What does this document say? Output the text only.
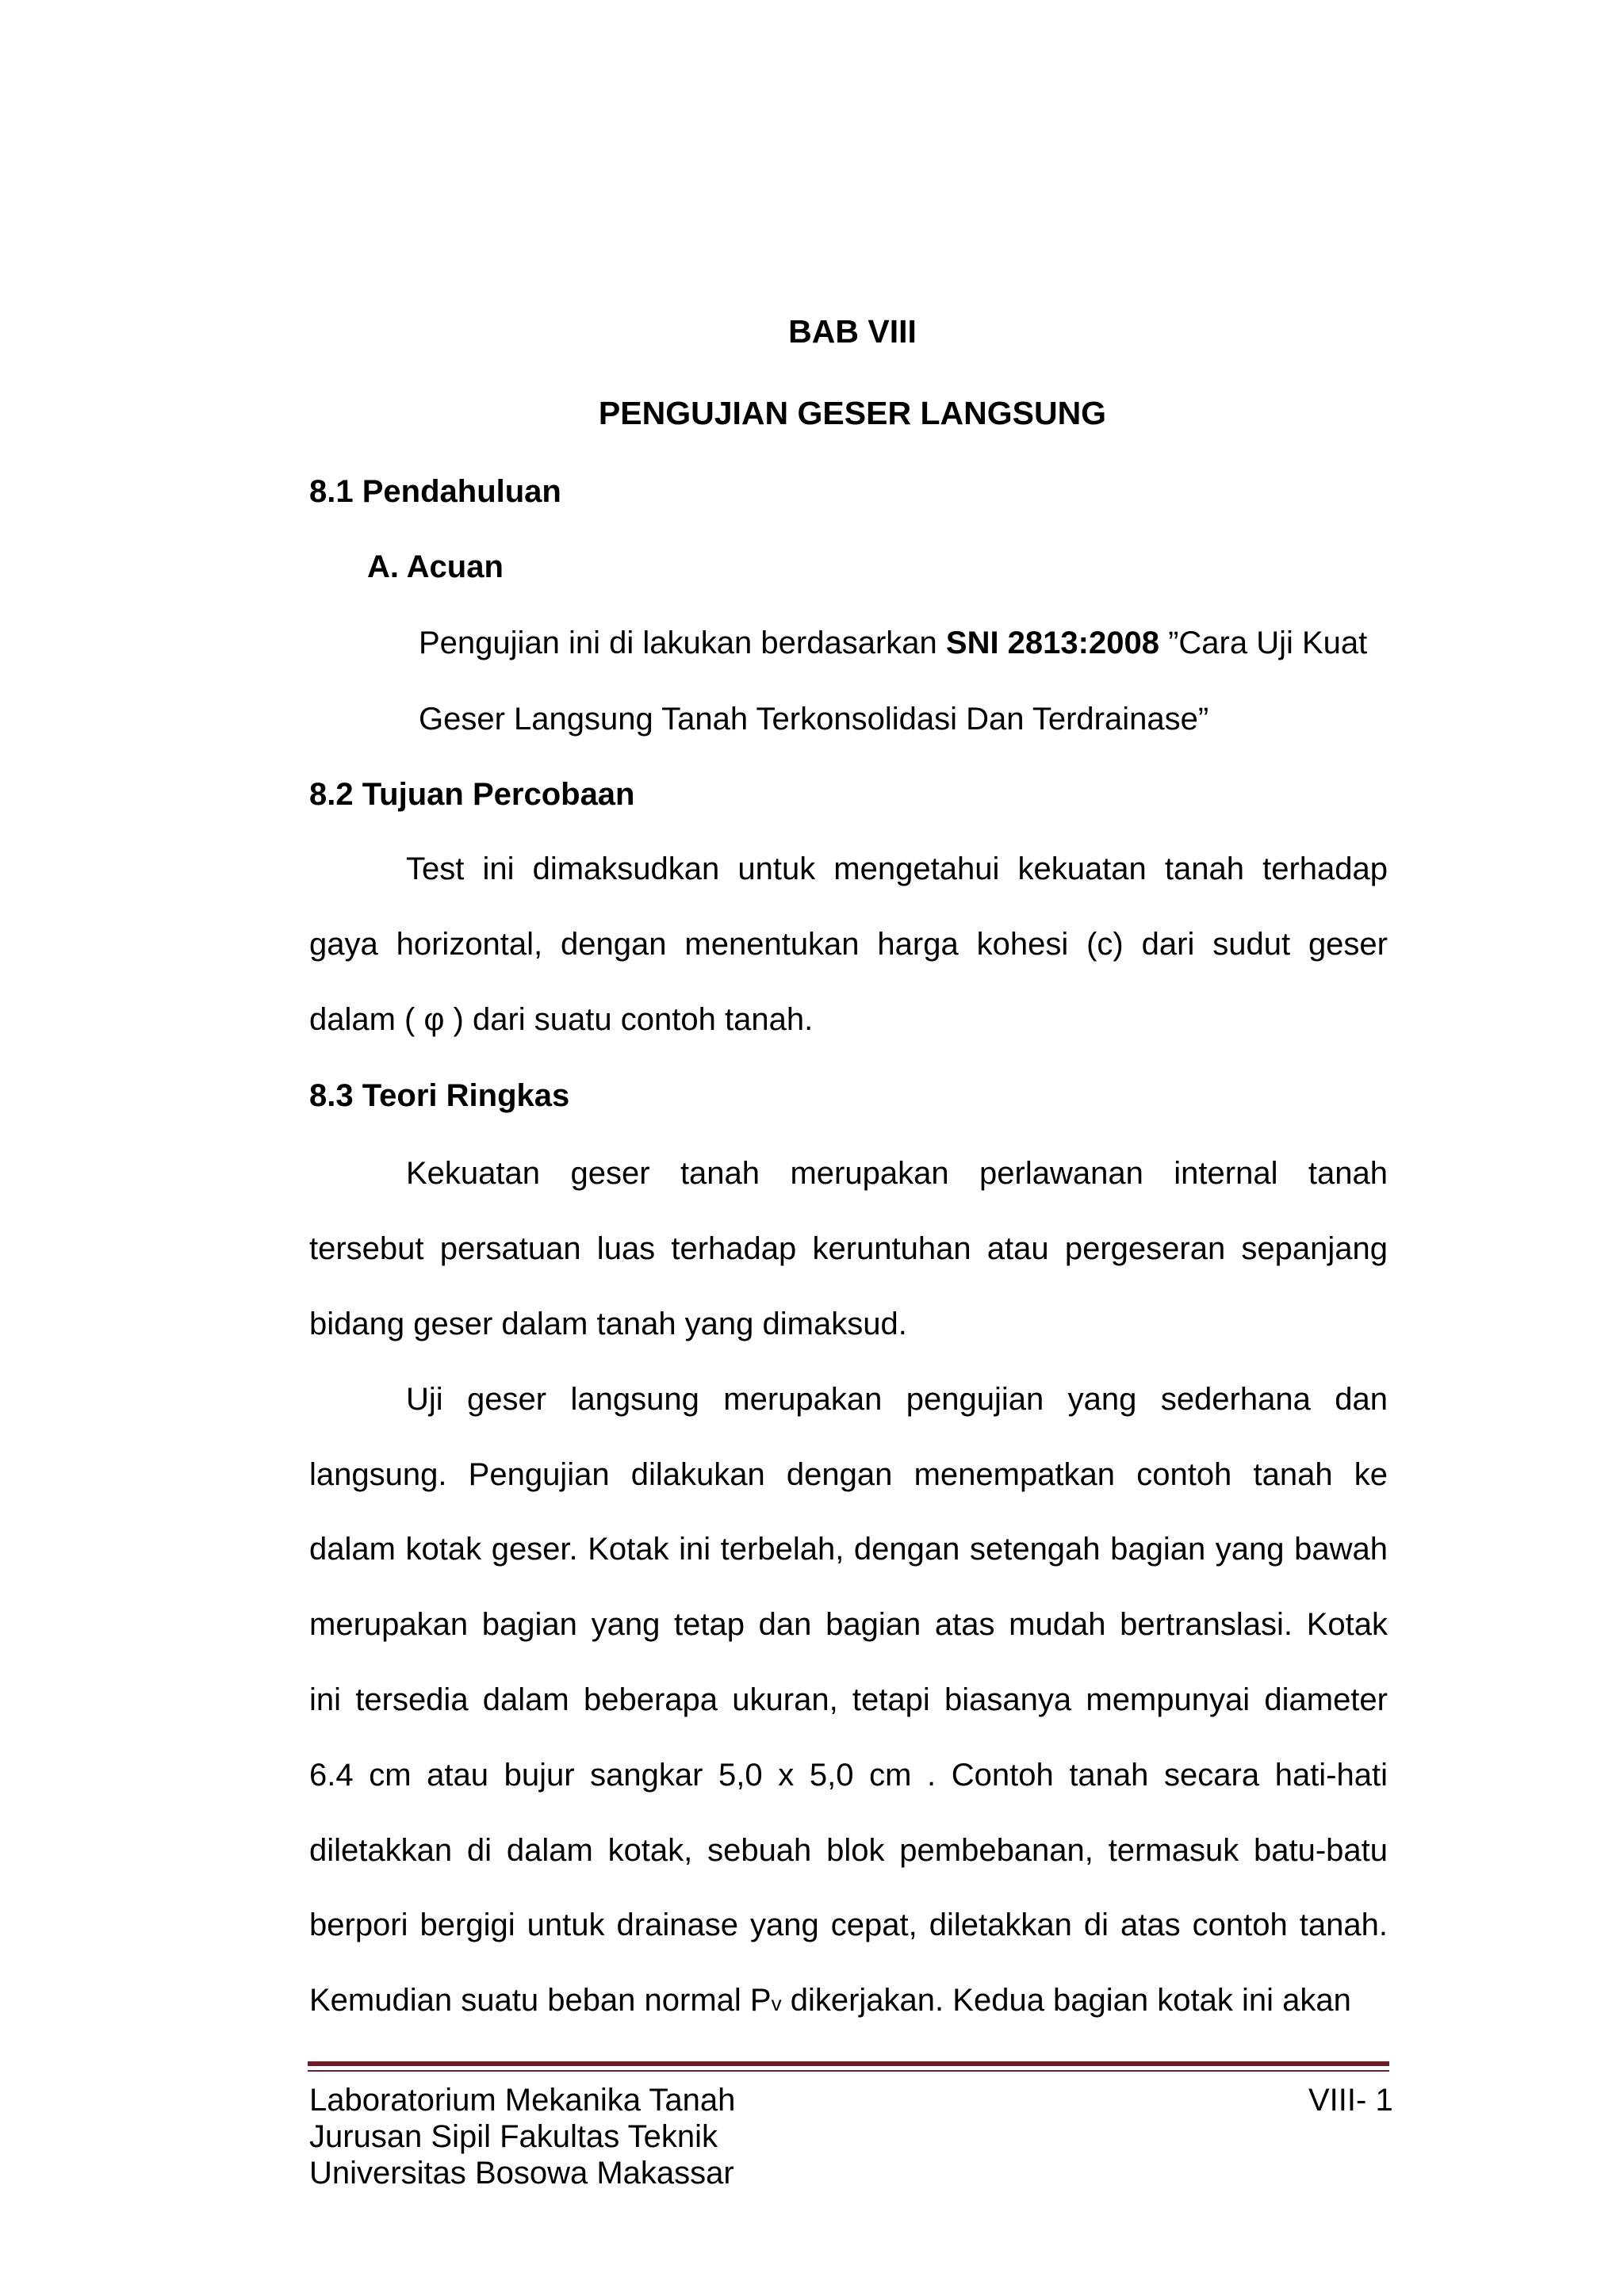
BAB VIII
PENGUJIAN GESER LANGSUNG
8.1 Pendahuluan
A. Acuan
Pengujian ini di lakukan berdasarkan SNI 2813:2008 ”Cara Uji Kuat
Geser Langsung Tanah Terkonsolidasi Dan Terdrainase”
8.2 Tujuan Percobaan
Test ini dimaksudkan untuk mengetahui kekuatan tanah terhadap
gaya horizontal, dengan menentukan harga kohesi (c) dari sudut geser
dalam ( φ ) dari suatu contoh tanah.
8.3 Teori Ringkas
Kekuatan geser tanah merupakan perlawanan internal tanah
tersebut persatuan luas terhadap keruntuhan atau pergeseran sepanjang
bidang geser dalam tanah yang dimaksud.
Uji geser langsung merupakan pengujian yang sederhana dan
langsung. Pengujian dilakukan dengan menempatkan contoh tanah ke
dalam kotak geser. Kotak ini terbelah, dengan setengah bagian yang bawah
merupakan bagian yang tetap dan bagian atas mudah bertranslasi. Kotak
ini tersedia dalam beberapa ukuran, tetapi biasanya mempunyai diameter
6.4 cm atau bujur sangkar 5,0 x 5,0 cm . Contoh tanah secara hati-hati
diletakkan di dalam kotak, sebuah blok pembebanan, termasuk batu-batu
berpori bergigi untuk drainase yang cepat, diletakkan di atas contoh tanah.
Kemudian suatu beban normal Pv dikerjakan. Kedua bagian kotak ini akan
Laboratorium Mekanika Tanah
Jurusan Sipil Fakultas Teknik
Universitas Bosowa Makassar
VIII- 1
